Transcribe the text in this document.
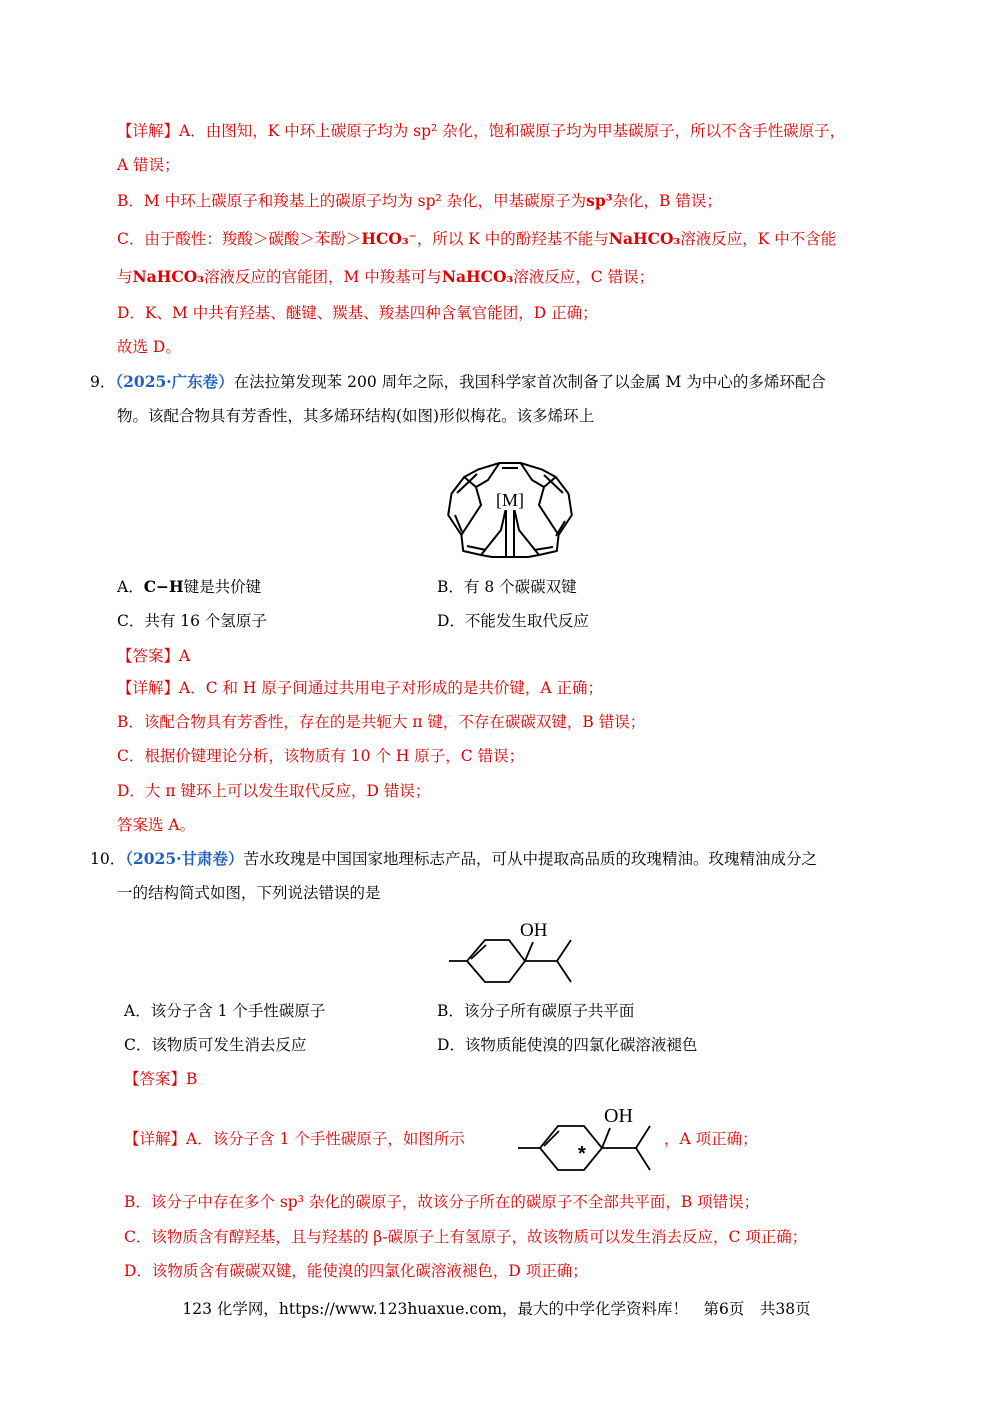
【详解】A．由图知，K 中环上碳原子均为 sp² 杂化，饱和碳原子均为甲基碳原子，所以不含手性碳原子，
A 错误；
B．M 中环上碳原子和羧基上的碳原子均为 sp² 杂化，甲基碳原子为sp³杂化，B 错误；
C．由于酸性：羧酸＞碳酸＞苯酚＞HCO₃⁻，所以 K 中的酚羟基不能与NaHCO₃溶液反应，K 中不含能
与NaHCO₃溶液反应的官能团，M 中羧基可与NaHCO₃溶液反应，C 错误；
D．K、M 中共有羟基、醚键、羰基、羧基四种含氧官能团，D 正确；
故选 D。
9．（2025·广东卷）在法拉第发现苯 200 周年之际，我国科学家首次制备了以金属 M 为中心的多烯环配合
物。该配合物具有芳香性，其多烯环结构(如图)形似梅花。该多烯环上
[M]
A．C−H键是共价键	B．有 8 个碳碳双键
C．共有 16 个氢原子	D．不能发生取代反应
【答案】A
【详解】A．C 和 H 原子间通过共用电子对形成的是共价键，A 正确；
B．该配合物具有芳香性，存在的是共轭大 π 键，不存在碳碳双键，B 错误；
C．根据价键理论分析，该物质有 10 个 H 原子，C 错误；
D．大 π 键环上可以发生取代反应，D 错误；
答案选 A。
10．（2025·甘肃卷）苦水玫瑰是中国国家地理标志产品，可从中提取高品质的玫瑰精油。玫瑰精油成分之
一的结构简式如图，下列说法错误的是
OH
A．该分子含 1 个手性碳原子	B．该分子所有碳原子共平面
C．该物质可发生消去反应	D．该物质能使溴的四氯化碳溶液褪色
【答案】B
【详解】A．该分子含 1 个手性碳原子，如图所示
OH
*
，A 项正确；
B．该分子中存在多个 sp³ 杂化的碳原子，故该分子所在的碳原子不全部共平面，B 项错误；
C．该物质含有醇羟基，且与羟基的 β-碳原子上有氢原子，故该物质可以发生消去反应，C 项正确；
D．该物质含有碳碳双键，能使溴的四氯化碳溶液褪色，D 项正确；
123 化学网，https://www.123huaxue.com，最大的中学化学资料库！　第6页　共38页
